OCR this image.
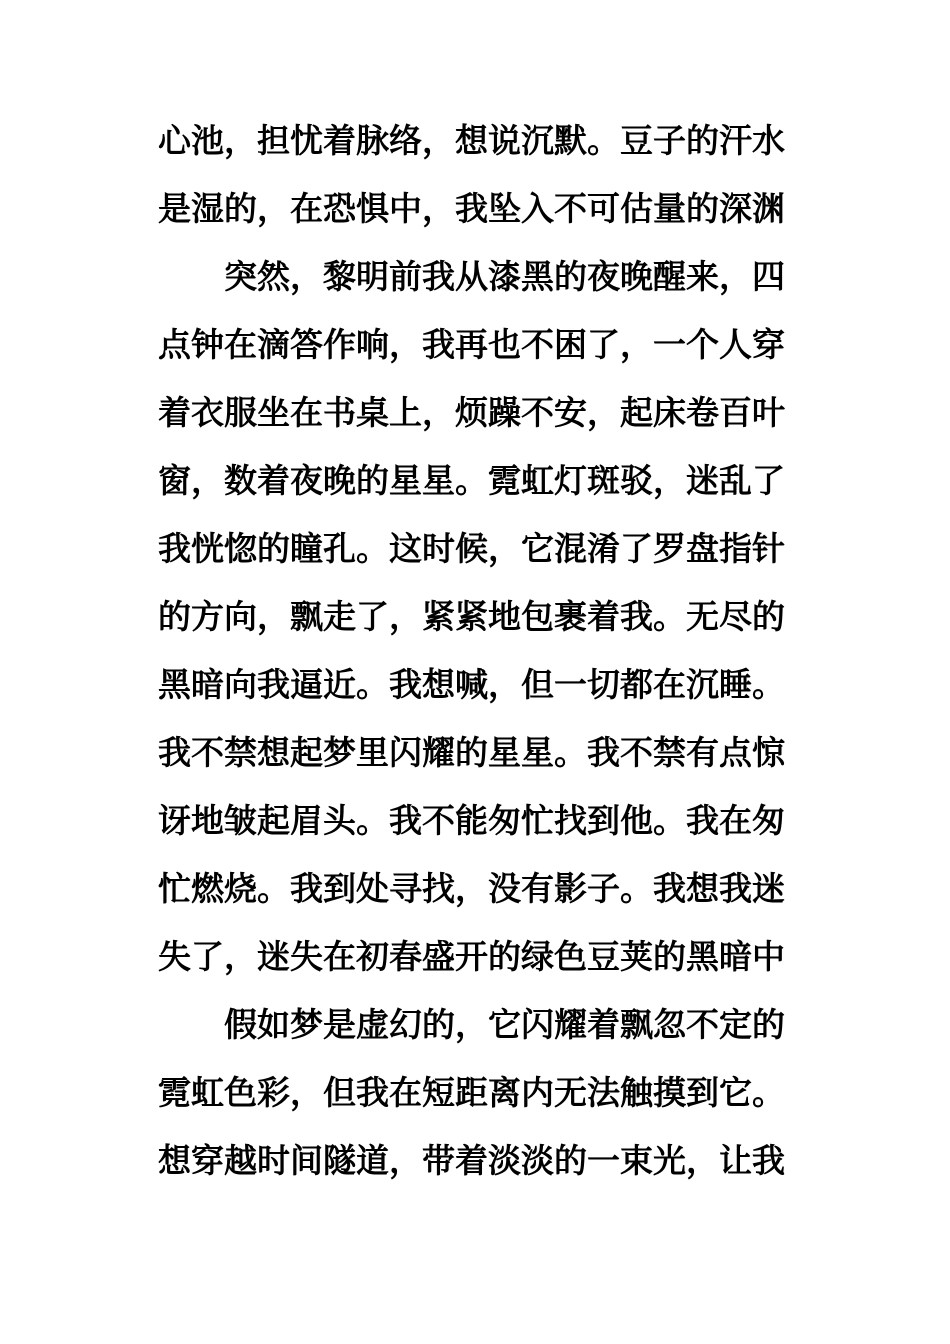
心池，担忧着脉络，想说沉默。豆子的汗水
是湿的，在恐惧中，我坠入不可估量的深渊
突然，黎明前我从漆黑的夜晚醒来，四
点钟在滴答作响，我再也不困了，一个人穿
着衣服坐在书桌上，烦躁不安，起床卷百叶
窗，数着夜晚的星星。霓虹灯斑驳，迷乱了
我恍惚的瞳孔。这时候，它混淆了罗盘指针
的方向，飘走了，紧紧地包裹着我。无尽的
黑暗向我逼近。我想喊，但一切都在沉睡。
我不禁想起梦里闪耀的星星。我不禁有点惊
讶地皱起眉头。我不能匆忙找到他。我在匆
忙燃烧。我到处寻找，没有影子。我想我迷
失了，迷失在初春盛开的绿色豆荚的黑暗中
假如梦是虚幻的，它闪耀着飘忽不定的
霓虹色彩，但我在短距离内无法触摸到它。
想穿越时间隧道，带着淡淡的一束光，让我
